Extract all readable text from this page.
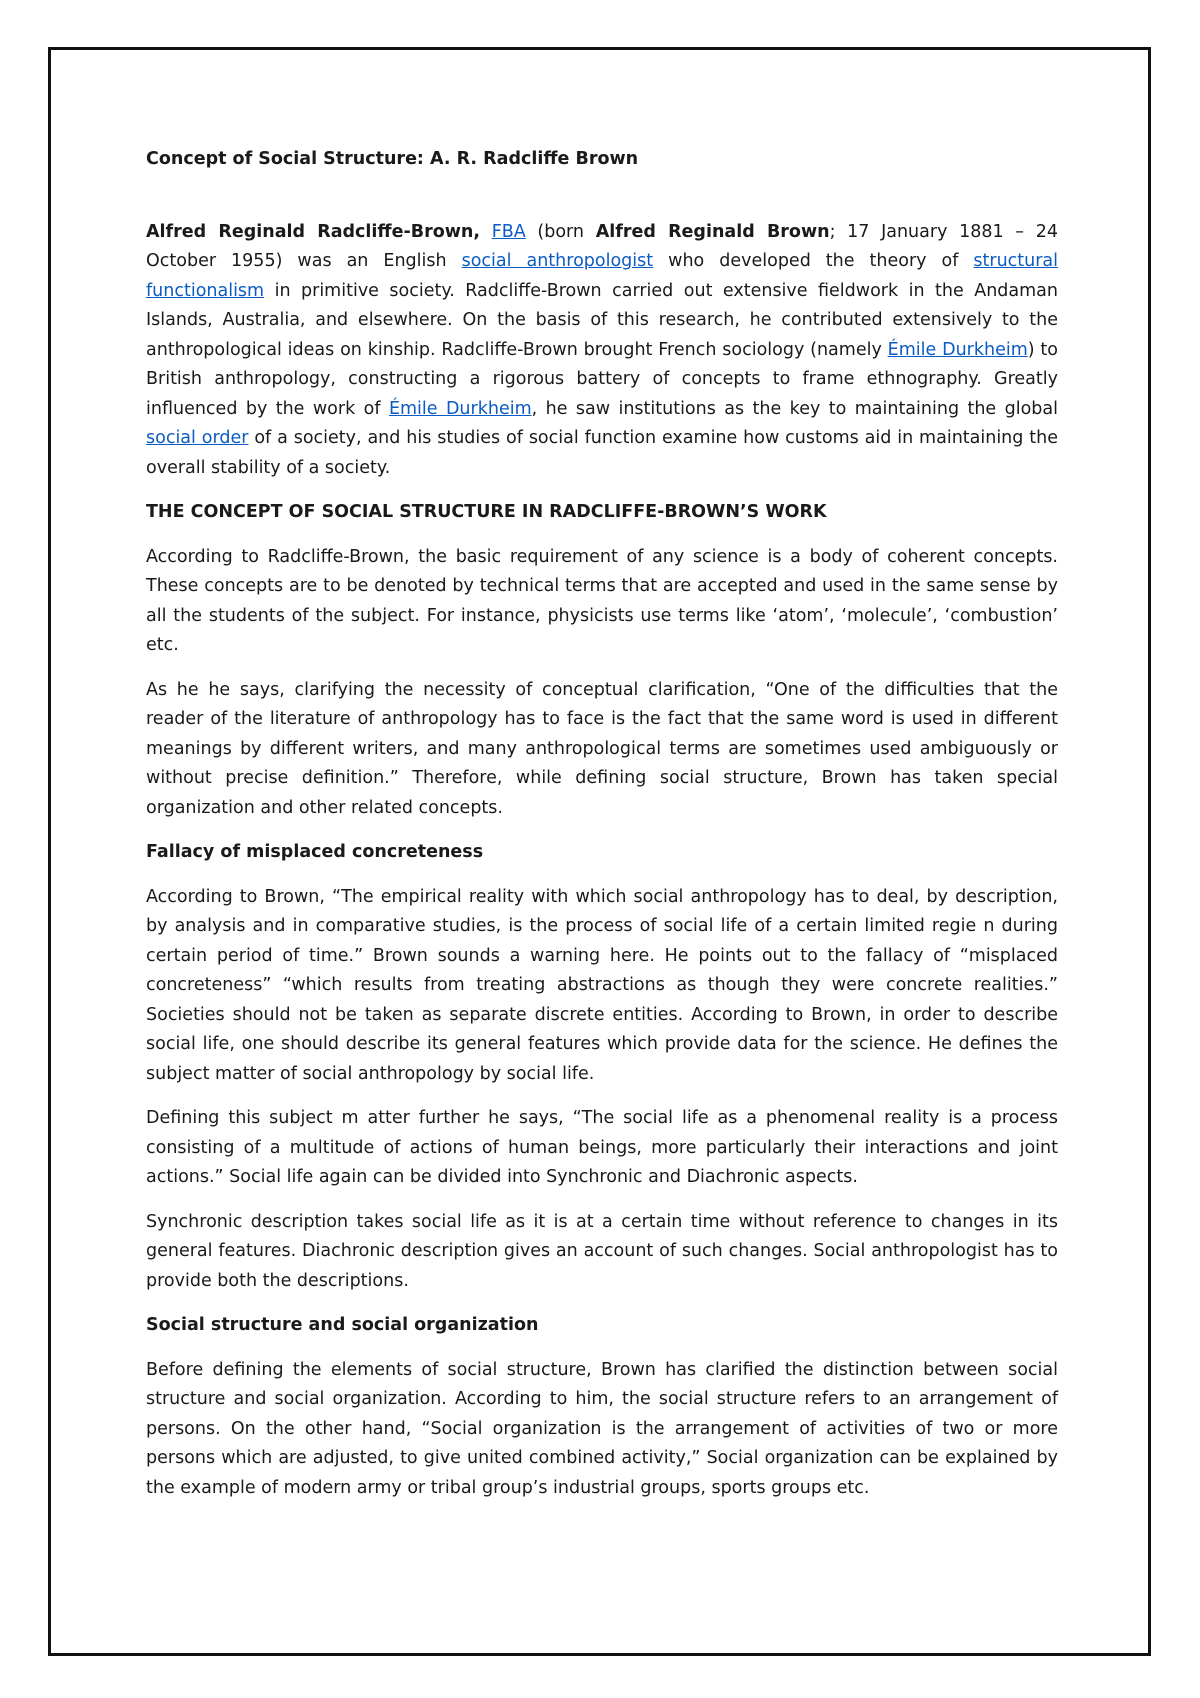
Concept of Social Structure: A. R. Radcliffe Brown

Alfred Reginald Radcliffe-Brown, FBA (born Alfred Reginald Brown; 17 January 1881 – 24 October 1955) was an English social anthropologist who developed the theory of structural functionalism in primitive society. Radcliffe-Brown carried out extensive fieldwork in the Andaman Islands, Australia, and elsewhere. On the basis of this research, he contributed extensively to the anthropological ideas on kinship. Radcliffe-Brown brought French sociology (namely Émile Durkheim) to British anthropology, constructing a rigorous battery of concepts to frame ethnography. Greatly influenced by the work of Émile Durkheim, he saw institutions as the key to maintaining the global social order of a society, and his studies of social function examine how customs aid in maintaining the overall stability of a society.

THE CONCEPT OF SOCIAL STRUCTURE IN RADCLIFFE-BROWN’S WORK

According to Radcliffe-Brown, the basic requirement of any science is a body of coherent concepts. These concepts are to be denoted by technical terms that are accepted and used in the same sense by all the students of the subject. For instance, physicists use terms like ‘atom’, ‘molecule’, ‘combustion’ etc.

As he he says, clarifying the necessity of conceptual clarification, “One of the difficulties that the reader of the literature of anthropology has to face is the fact that the same word is used in different meanings by different writers, and many anthropological terms are sometimes used ambiguously or without precise definition.” Therefore, while defining social structure, Brown has taken special organization and other related concepts.

Fallacy of misplaced concreteness

According to Brown, “The empirical reality with which social anthropology has to deal, by description, by analysis and in comparative studies, is the process of social life of a certain limited regie n during certain period of time.” Brown sounds a warning here. He points out to the fallacy of “misplaced concreteness” “which results from treating abstractions as though they were concrete realities.” Societies should not be taken as separate discrete entities. According to Brown, in order to describe social life, one should describe its general features which provide data for the science. He defines the subject matter of social anthropology by social life.

Defining this subject m atter further he says, “The social life as a phenomenal reality is a process consisting of a multitude of actions of human beings, more particularly their interactions and joint actions.” Social life again can be divided into Synchronic and Diachronic aspects.

Synchronic description takes social life as it is at a certain time without reference to changes in its general features. Diachronic description gives an account of such changes. Social anthropologist has to provide both the descriptions.

Social structure and social organization

Before defining the elements of social structure, Brown has clarified the distinction between social structure and social organization. According to him, the social structure refers to an arrangement of persons. On the other hand, “Social organization is the arrangement of activities of two or more persons which are adjusted, to give united combined activity,” Social organization can be explained by the example of modern army or tribal group’s industrial groups, sports groups etc.
